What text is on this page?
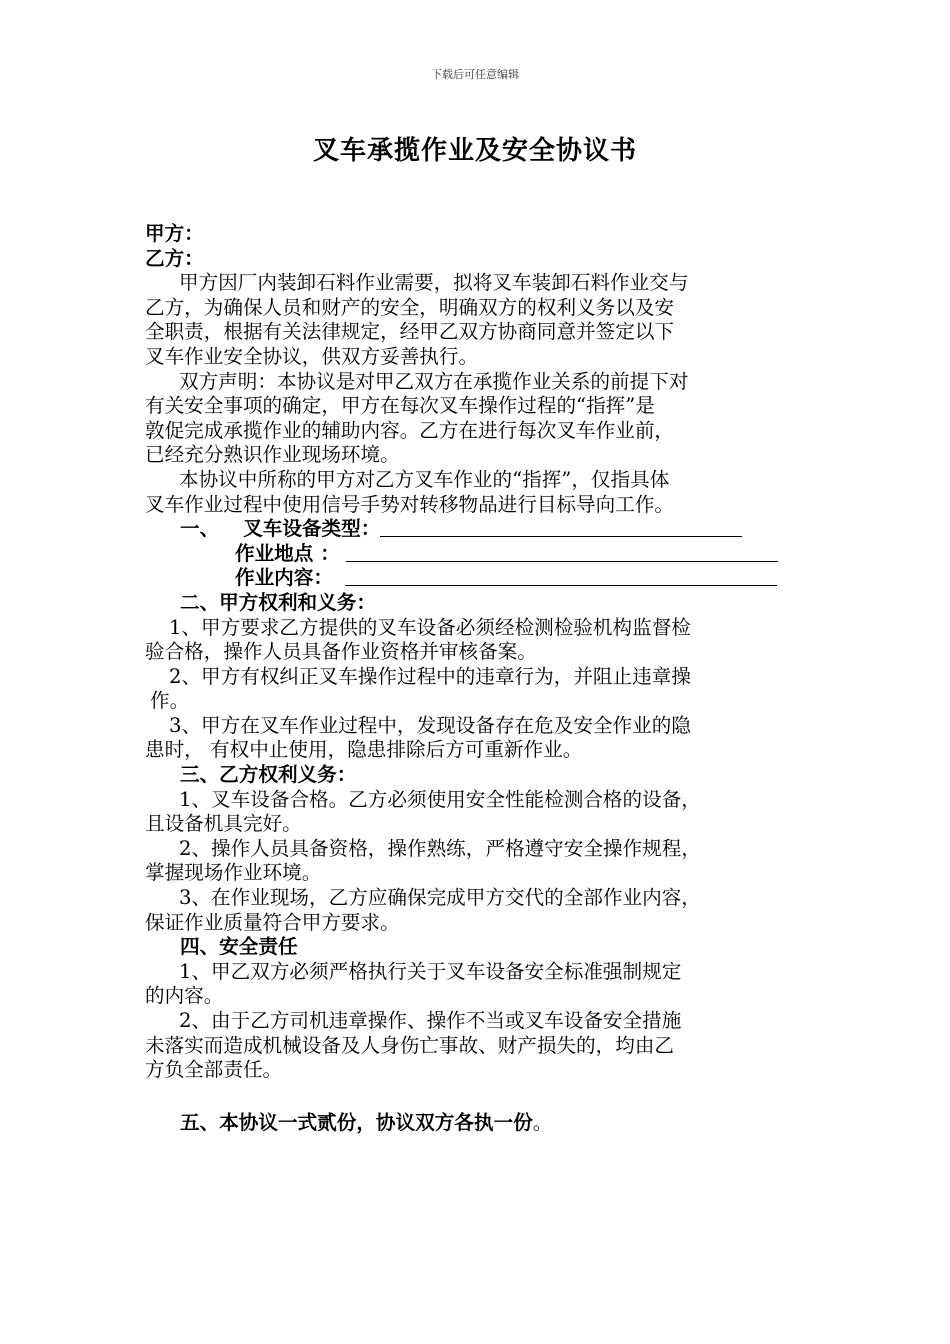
下载后可任意编辑
叉车承揽作业及安全协议书

甲方：

乙方：

甲方因厂内装卸石料作业需要，拟将叉车装卸石料作业交与

乙方，为确保人员和财产的安全，明确双方的权利义务以及安

全职责，根据有关法律规定，经甲乙双方协商同意并签定以下

叉车作业安全协议，供双方妥善执行。

双方声明：本协议是对甲乙双方在承揽作业关系的前提下对

有关安全事项的确定，甲方在每次叉车操作过程的“指挥”是

敦促完成承揽作业的辅助内容。乙方在进行每次叉车作业前，

已经充分熟识作业现场环境。

本协议中所称的甲方对乙方叉车作业的“指挥”，仅指具体

叉车作业过程中使用信号手势对转移物品进行目标导向工作。

一、 叉车设备类型：

作业地点 ：

作业内容：

二、甲方权利和义务：

1、甲方要求乙方提供的叉车设备必须经检测检验机构监督检

验合格，操作人员具备作业资格并审核备案。

2、甲方有权纠正叉车操作过程中的违章行为，并阻止违章操

作。

3、甲方在叉车作业过程中，发现设备存在危及安全作业的隐

患时， 有权中止使用，隐患排除后方可重新作业。

三、乙方权利义务：

1、叉车设备合格。乙方必须使用安全性能检测合格的设备，

且设备机具完好。

2、操作人员具备资格，操作熟练，严格遵守安全操作规程，

掌握现场作业环境。

3、在作业现场，乙方应确保完成甲方交代的全部作业内容，

保证作业质量符合甲方要求。

四、安全责任

1、甲乙双方必须严格执行关于叉车设备安全标准强制规定

的内容。

2、由于乙方司机违章操作、操作不当或叉车设备安全措施

未落实而造成机械设备及人身伤亡事故、财产损失的，均由乙

方负全部责任。

五、本协议一式贰份，协议双方各执一份。
